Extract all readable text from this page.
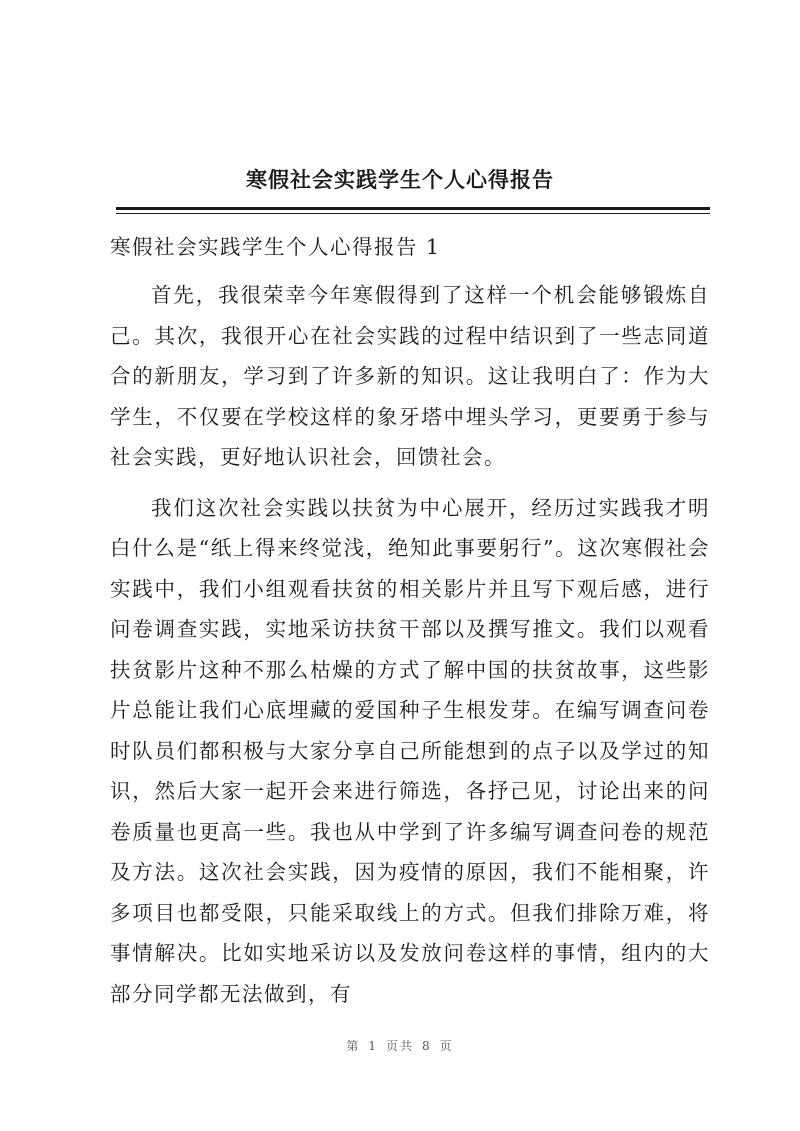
寒假社会实践学生个人心得报告

寒假社会实践学生个人心得报告 1

首先，我很荣幸今年寒假得到了这样一个机会能够锻炼自己。其次，我很开心在社会实践的过程中结识到了一些志同道合的新朋友，学习到了许多新的知识。这让我明白了：作为大学生，不仅要在学校这样的象牙塔中埋头学习，更要勇于参与社会实践，更好地认识社会，回馈社会。

我们这次社会实践以扶贫为中心展开，经历过实践我才明白什么是“纸上得来终觉浅，绝知此事要躬行”。这次寒假社会实践中，我们小组观看扶贫的相关影片并且写下观后感，进行问卷调查实践，实地采访扶贫干部以及撰写推文。我们以观看扶贫影片这种不那么枯燥的方式了解中国的扶贫故事，这些影片总能让我们心底埋藏的爱国种子生根发芽。在编写调查问卷时队员们都积极与大家分享自己所能想到的点子以及学过的知识，然后大家一起开会来进行筛选，各抒己见，讨论出来的问卷质量也更高一些。我也从中学到了许多编写调查问卷的规范及方法。这次社会实践，因为疫情的原因，我们不能相聚，许多项目也都受限，只能采取线上的方式。但我们排除万难，将事情解决。比如实地采访以及发放问卷这样的事情，组内的大部分同学都无法做到，有

第 1 页共 8 页
